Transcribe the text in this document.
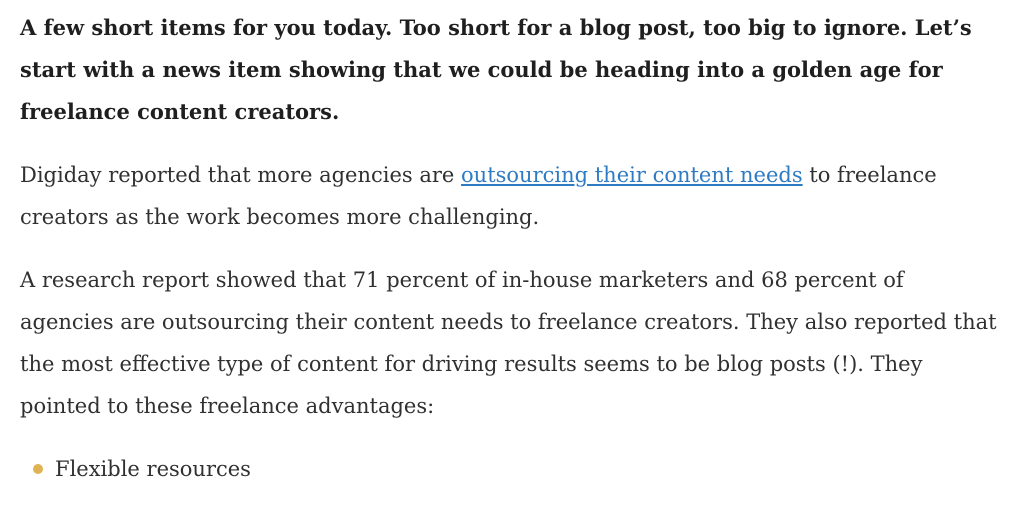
A few short items for you today. Too short for a blog post, too big to ignore. Let’s start with a news item showing that we could be heading into a golden age for freelance content creators.

Digiday reported that more agencies are outsourcing their content needs to freelance creators as the work becomes more challenging.

A research report showed that 71 percent of in-house marketers and 68 percent of agencies are outsourcing their content needs to freelance creators. They also reported that the most effective type of content for driving results seems to be blog posts (!). They pointed to these freelance advantages:

Flexible resources
